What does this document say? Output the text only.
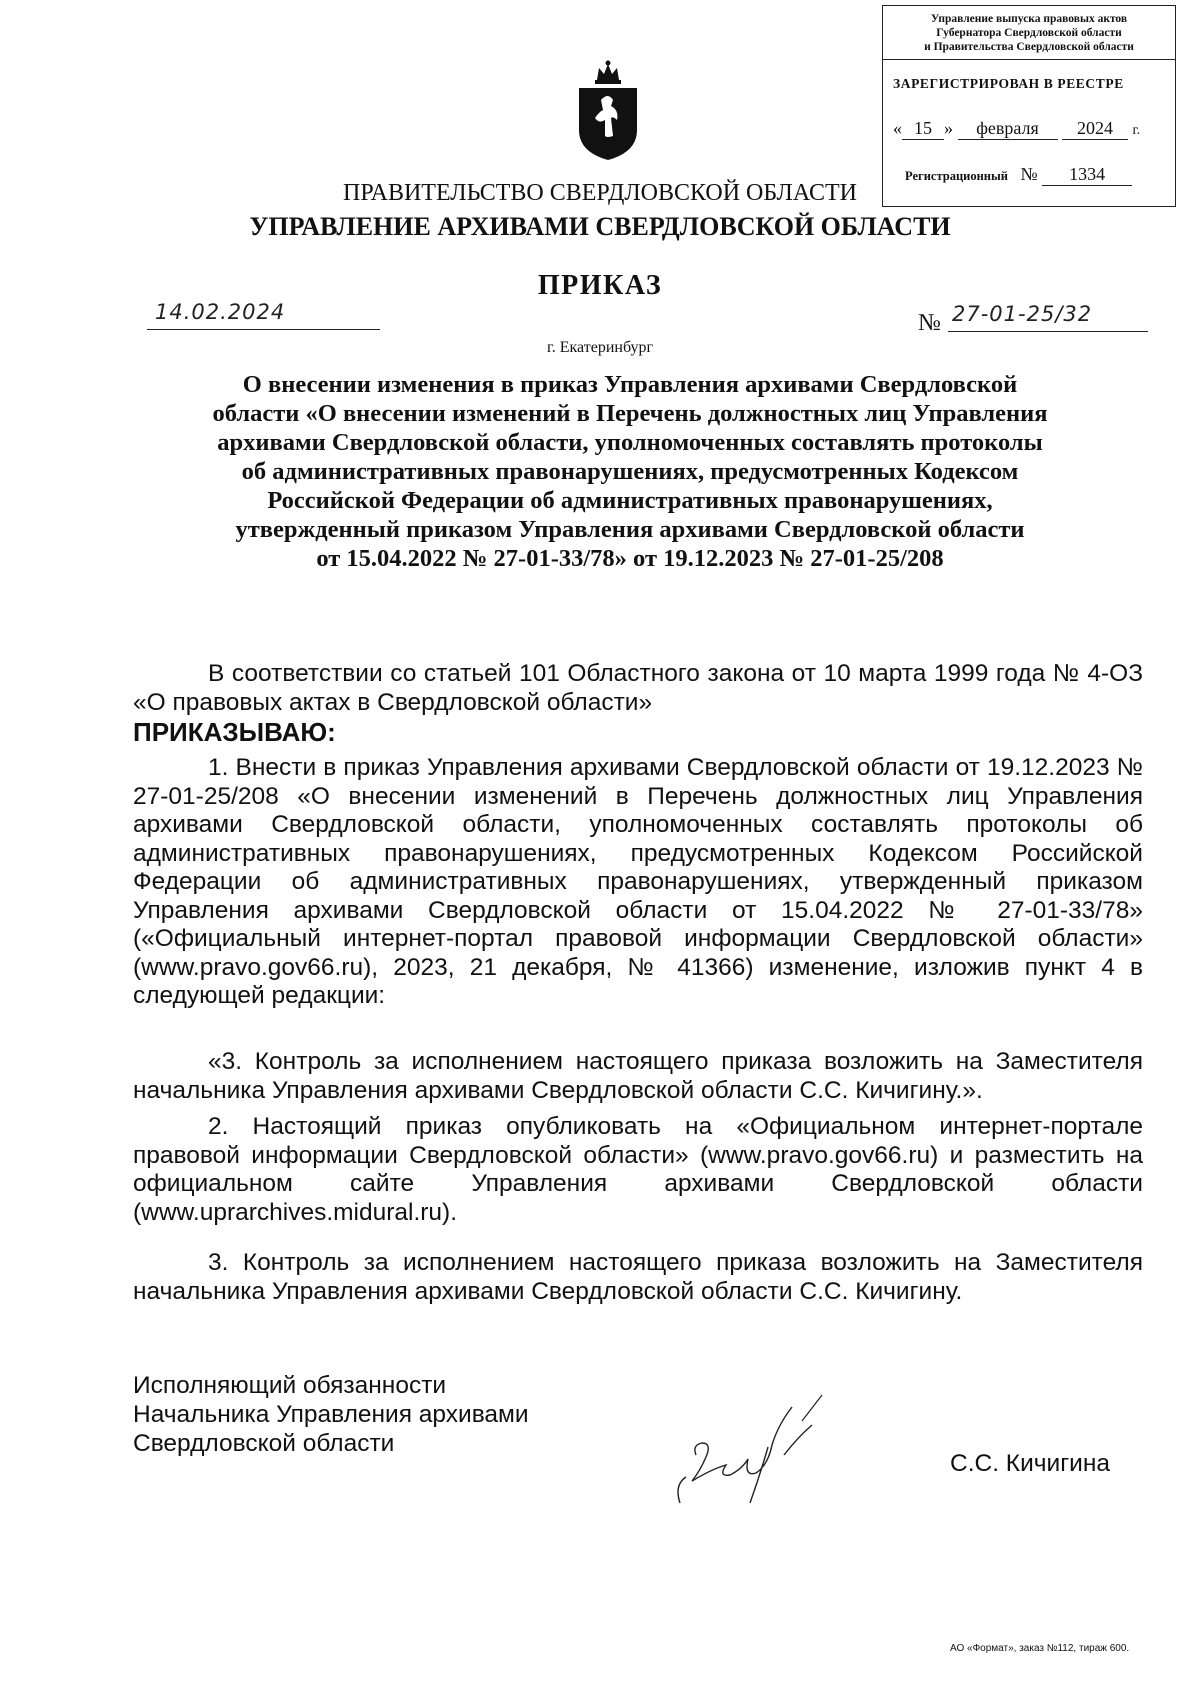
Управление выпуска правовых актов
Губернатора Свердловской области
и Правительства Свердловской области
ЗАРЕГИСТРИРОВАН В РЕЕСТРЕ
« 15 » февраля 2024 г.
Регистрационный № 1334
ПРАВИТЕЛЬСТВО СВЕРДЛОВСКОЙ ОБЛАСТИ
УПРАВЛЕНИЕ АРХИВАМИ СВЕРДЛОВСКОЙ ОБЛАСТИ
ПРИКАЗ
14.02.2024	№ 27-01-25/32
г. Екатеринбург
О внесении изменения в приказ Управления архивами Свердловской
области «О внесении изменений в Перечень должностных лиц Управления
архивами Свердловской области, уполномоченных составлять протоколы
об административных правонарушениях, предусмотренных Кодексом
Российской Федерации об административных правонарушениях,
утвержденный приказом Управления архивами Свердловской области
от 15.04.2022 № 27-01-33/78» от 19.12.2023 № 27-01-25/208
В соответствии со статьей 101 Областного закона от 10 марта 1999 года № 4-ОЗ «О правовых актах в Свердловской области»
ПРИКАЗЫВАЮ:
1. Внести в приказ Управления архивами Свердловской области от 19.12.2023 № 27-01-25/208 «О внесении изменений в Перечень должностных лиц Управления архивами Свердловской области, уполномоченных составлять протоколы об административных правонарушениях, предусмотренных Кодексом Российской Федерации об административных правонарушениях, утвержденный приказом Управления архивами Свердловской области от 15.04.2022 № 27-01-33/78» («Официальный интернет-портал правовой информации Свердловской области» (www.pravo.gov66.ru), 2023, 21 декабря, № 41366) изменение, изложив пункт 4 в следующей редакции:
«3. Контроль за исполнением настоящего приказа возложить на Заместителя начальника Управления архивами Свердловской области С.С. Кичигину.».
2. Настоящий приказ опубликовать на «Официальном интернет-портале правовой информации Свердловской области» (www.pravo.gov66.ru) и разместить на официальном сайте Управления архивами Свердловской области (www.uprarchives.midural.ru).
3. Контроль за исполнением настоящего приказа возложить на Заместителя начальника Управления архивами Свердловской области С.С. Кичигину.
Исполняющий обязанности
Начальника Управления архивами
Свердловской области
С.С. Кичигина
АО «Формат», заказ №112, тираж 600.
